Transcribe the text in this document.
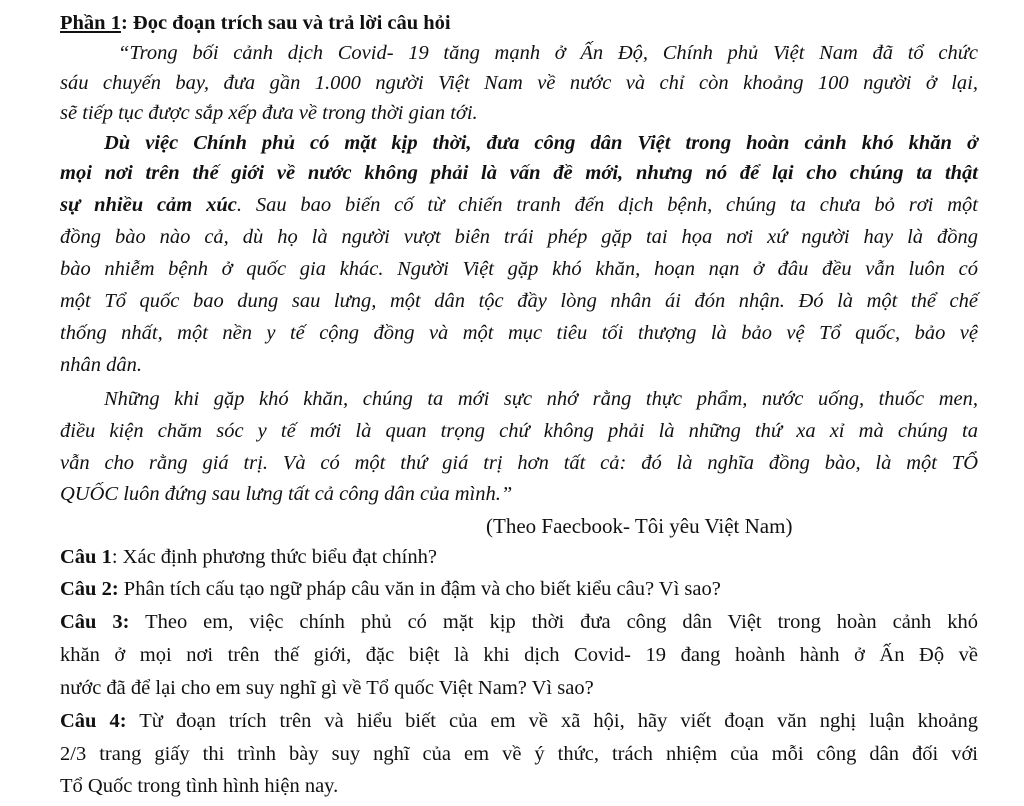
Phần 1: Đọc đoạn trích sau và trả lời câu hỏi
“Trong bối cảnh dịch Covid- 19 tăng mạnh ở Ấn Độ, Chính phủ Việt Nam đã tổ chức
sáu chuyến bay, đưa gần 1.000 người Việt Nam về nước và chỉ còn khoảng 100 người ở lại,
sẽ tiếp tục được sắp xếp đưa về trong thời gian tới.
Dù việc Chính phủ có mặt kịp thời, đưa công dân Việt trong hoàn cảnh khó khăn ở
mọi nơi trên thế giới về nước không phải là vấn đề mới, nhưng nó để lại cho chúng ta thật
sự nhiều cảm xúc. Sau bao biến cố từ chiến tranh đến dịch bệnh, chúng ta chưa bỏ rơi một
đồng bào nào cả, dù họ là người vượt biên trái phép gặp tai họa nơi xứ người hay là đồng
bào nhiễm bệnh ở quốc gia khác. Người Việt gặp khó khăn, hoạn nạn ở đâu đều vẫn luôn có
một Tổ quốc bao dung sau lưng, một dân tộc đầy lòng nhân ái đón nhận. Đó là một thể chế
thống nhất, một nền y tế cộng đồng và một mục tiêu tối thượng là bảo vệ Tổ quốc, bảo vệ
nhân dân.
Những khi gặp khó khăn, chúng ta mới sực nhớ rằng thực phẩm, nước uống, thuốc men,
điều kiện chăm sóc y tế mới là quan trọng chứ không phải là những thứ xa xỉ mà chúng ta
vẫn cho rằng giá trị. Và có một thứ giá trị hơn tất cả: đó là nghĩa đồng bào, là một TỔ
QUỐC luôn đứng sau lưng tất cả công dân của mình.”
(Theo Faecbook- Tôi yêu Việt Nam)
Câu 1: Xác định phương thức biểu đạt chính?
Câu 2: Phân tích cấu tạo ngữ pháp câu văn in đậm và cho biết kiểu câu? Vì sao?
Câu 3: Theo em, việc chính phủ có mặt kịp thời đưa công dân Việt trong hoàn cảnh khó
khăn ở mọi nơi trên thế giới, đặc biệt là khi dịch Covid- 19 đang hoành hành ở Ấn Độ về
nước đã để lại cho em suy nghĩ gì về Tổ quốc Việt Nam? Vì sao?
Câu 4: Từ đoạn trích trên và hiểu biết của em về xã hội, hãy viết đoạn văn nghị luận khoảng
2/3 trang giấy thi trình bày suy nghĩ của em về ý thức, trách nhiệm của mỗi công dân đối với
Tổ Quốc trong tình hình hiện nay.
